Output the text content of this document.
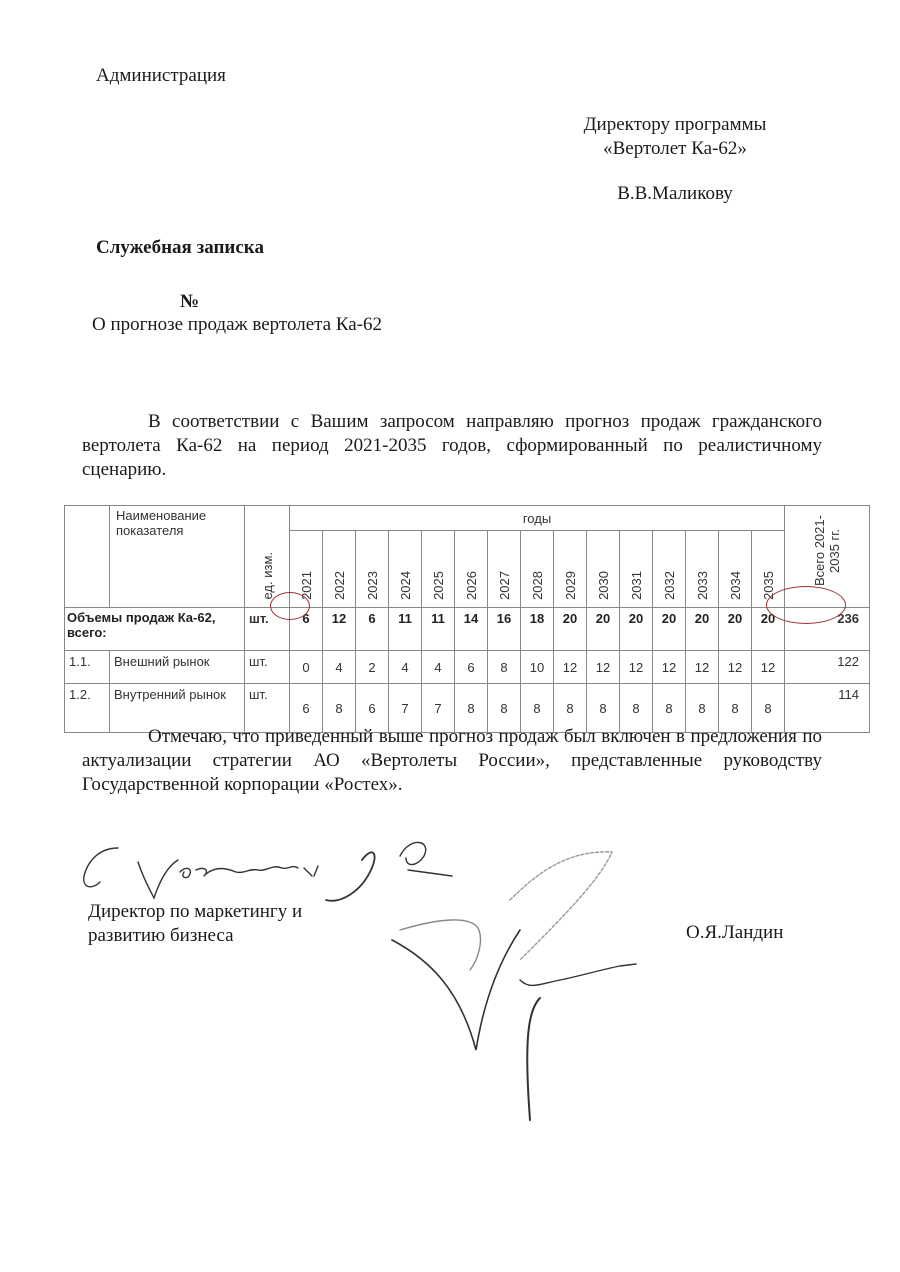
Администрация
Директору программы
«Вертолет Ка-62»
В.В.Маликову
Служебная записка
№
О прогнозе продаж вертолета Ка-62
В соответствии с Вашим запросом направляю прогноз продаж гражданского вертолета Ка-62 на период 2021-2035 годов, сформированный по реалистичному сценарию.
	Наименование показателя	ед. изм.	годы															Всего 2021-2035 гг.
			2021	2022	2023	2024	2025	2026	2027	2028	2029	2030	2031	2032	2033	2034	2035	
Объемы продаж Ка-62, всего:		шт.	6	12	6	11	11	14	16	18	20	20	20	20	20	20	20	236
1.1.	Внешний рынок	шт.	0	4	2	4	4	6	8	10	12	12	12	12	12	12	12	122
1.2.	Внутренний рынок	шт.	6	8	6	7	7	8	8	8	8	8	8	8	8	8	8	114
Отмечаю, что приведенный выше прогноз продаж был включен в предложения по актуализации стратегии АО «Вертолеты России», представленные руководству Государственной корпорации «Ростех».
Директор по маркетингу и
развитию бизнеса	О.Я.Ландин
